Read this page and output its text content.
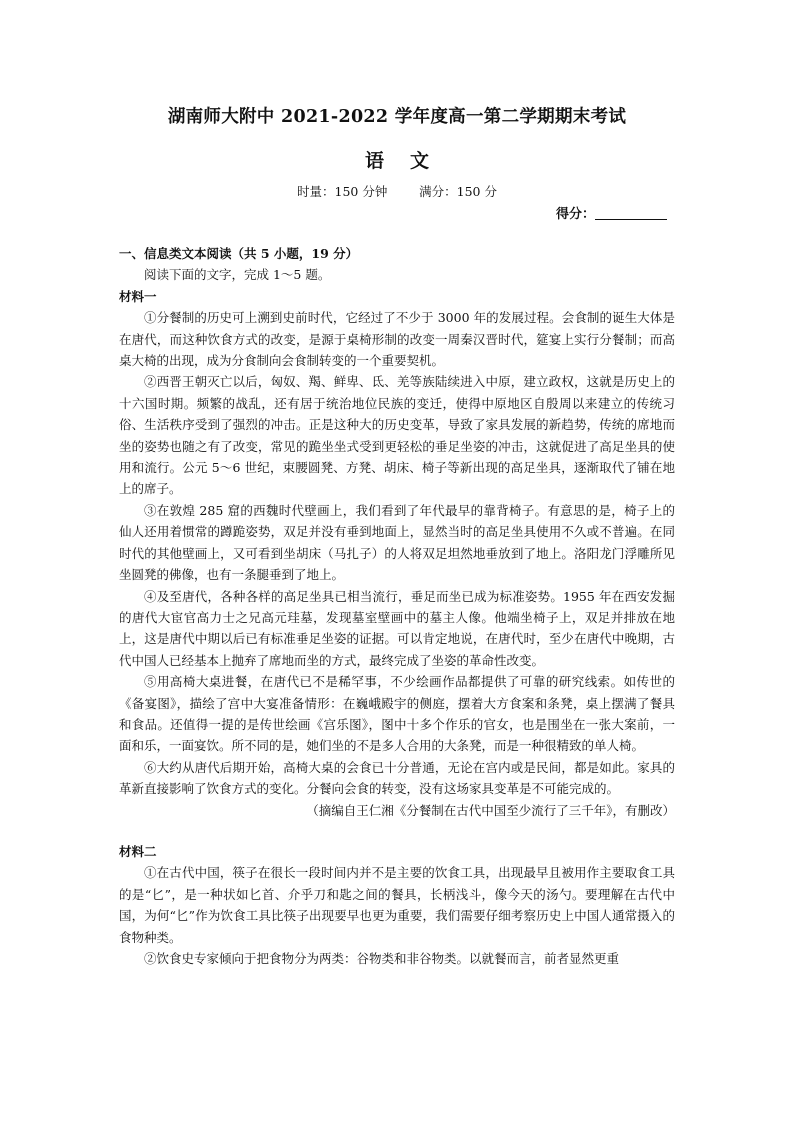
湖南师大附中 2021-2022 学年度高一第二学期期末考试
语文
时量：150 分钟        满分：150 分
得分：

一、信息类文本阅读（共 5 小题，19 分）

阅读下面的文字，完成 1～5 题。

材料一

①分餐制的历史可上溯到史前时代，它经过了不少于 3000 年的发展过程。会食制的诞生大体是在唐代，而这种饮食方式的改变，是源于桌椅形制的改变一周秦汉晋时代，筵宴上实行分餐制；而高桌大椅的出现，成为分食制向会食制转变的一个重要契机。

②西晋王朝灭亡以后，匈奴、羯、鲜卑、氐、羌等族陆续进入中原，建立政权，这就是历史上的十六国时期。频繁的战乱，还有居于统治地位民族的变迁，使得中原地区自殷周以来建立的传统习俗、生活秩序受到了强烈的冲击。正是这种大的历史变革，导致了家具发展的新趋势，传统的席地而坐的姿势也随之有了改变，常见的跪坐坐式受到更轻松的垂足坐姿的冲击，这就促进了高足坐具的使用和流行。公元 5～6 世纪，束腰圆凳、方凳、胡床、椅子等新出现的高足坐具，逐渐取代了铺在地上的席子。

③在敦煌 285 窟的西魏时代壁画上，我们看到了年代最早的靠背椅子。有意思的是，椅子上的仙人还用着惯常的蹲跪姿势，双足并没有垂到地面上，显然当时的高足坐具使用不久或不普遍。在同时代的其他壁画上，又可看到坐胡床（马扎子）的人将双足坦然地垂放到了地上。洛阳龙门浮雕所见坐圆凳的佛像，也有一条腿垂到了地上。

④及至唐代，各种各样的高足坐具已相当流行，垂足而坐已成为标准姿势。1955 年在西安发掘的唐代大宦官高力士之兄高元珪墓，发现墓室壁画中的墓主人像。他端坐椅子上，双足并排放在地上，这是唐代中期以后已有标准垂足坐姿的证据。可以肯定地说，在唐代时，至少在唐代中晚期，古代中国人已经基本上抛弃了席地而坐的方式，最终完成了坐姿的革命性改变。

⑤用高椅大桌进餐，在唐代已不是稀罕事，不少绘画作品都提供了可靠的研究线索。如传世的《备宴图》，描绘了宫中大宴准备情形：在巍峨殿宇的侧庭，摆着大方食案和条凳，桌上摆满了餐具和食品。还值得一提的是传世绘画《宫乐图》，图中十多个作乐的官女，也是围坐在一张大案前，一面和乐，一面宴饮。所不同的是，她们坐的不是多人合用的大条凳，而是一种很精致的单人椅。

⑥大约从唐代后期开始，高椅大桌的会食已十分普通，无论在宫内或是民间，都是如此。家具的革新直接影响了饮食方式的变化。分餐向会食的转变，没有这场家具变革是不可能完成的。

（摘编自王仁湘《分餐制在古代中国至少流行了三千年》，有删改）

材料二

①在古代中国，筷子在很长一段时间内并不是主要的饮食工具，出现最早且被用作主要取食工具的是“匕”，是一种状如匕首、介乎刀和匙之间的餐具，长柄浅斗，像今天的汤勺。要理解在古代中国，为何“匕”作为饮食工具比筷子出现要早也更为重要，我们需要仔细考察历史上中国人通常摄入的食物种类。

②饮食史专家倾向于把食物分为两类：谷物类和非谷物类。以就餐而言，前者显然更重
